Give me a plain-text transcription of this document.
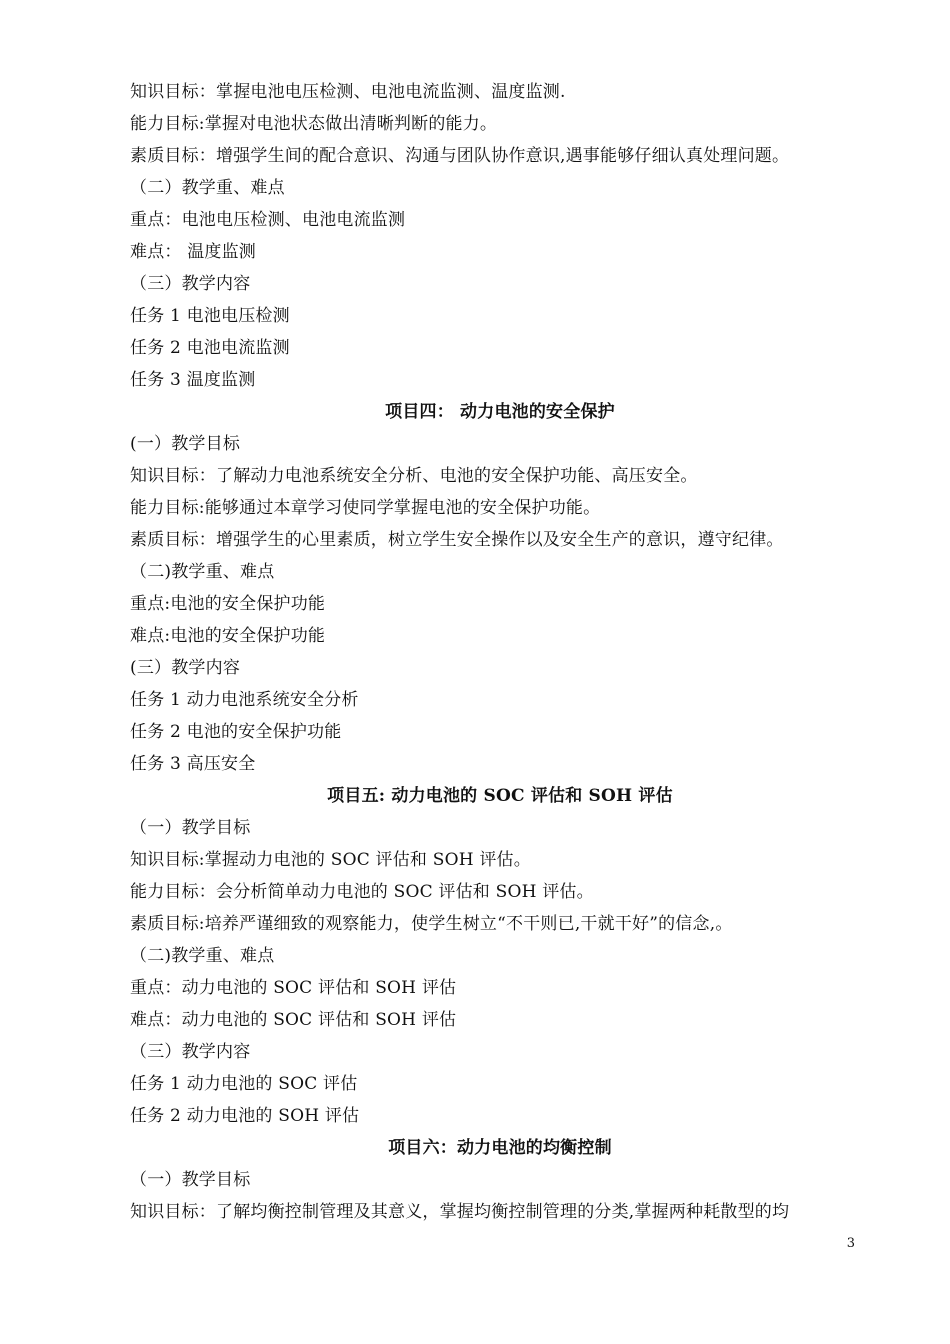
知识目标：掌握电池电压检测、电池电流监测、温度监测.
能力目标:掌握对电池状态做出清晰判断的能力。
素质目标：增强学生间的配合意识、沟通与团队协作意识,遇事能够仔细认真处理问题。
（二）教学重、难点
重点：电池电压检测、电池电流监测
难点： 温度监测
（三）教学内容
任务 1 电池电压检测
任务 2 电池电流监测
任务 3 温度监测
项目四： 动力电池的安全保护
(一）教学目标
知识目标：了解动力电池系统安全分析、电池的安全保护功能、高压安全。
能力目标:能够通过本章学习使同学掌握电池的安全保护功能。
素质目标：增强学生的心里素质，树立学生安全操作以及安全生产的意识，遵守纪律。
（二)教学重、难点
重点:电池的安全保护功能
难点:电池的安全保护功能
(三）教学内容
任务 1 动力电池系统安全分析
任务 2 电池的安全保护功能
任务 3 高压安全
项目五: 动力电池的 SOC 评估和 SOH 评估
（一）教学目标
知识目标:掌握动力电池的 SOC 评估和 SOH 评估。
能力目标：会分析简单动力电池的 SOC 评估和 SOH 评估。
素质目标:培养严谨细致的观察能力，使学生树立“不干则已,干就干好”的信念,。
（二)教学重、难点
重点：动力电池的 SOC 评估和 SOH 评估
难点：动力电池的 SOC 评估和 SOH 评估
（三）教学内容
任务 1 动力电池的 SOC 评估
任务 2 动力电池的 SOH 评估
项目六：动力电池的均衡控制
（一）教学目标
知识目标：了解均衡控制管理及其意义，掌握均衡控制管理的分类,掌握两种耗散型的均
3
